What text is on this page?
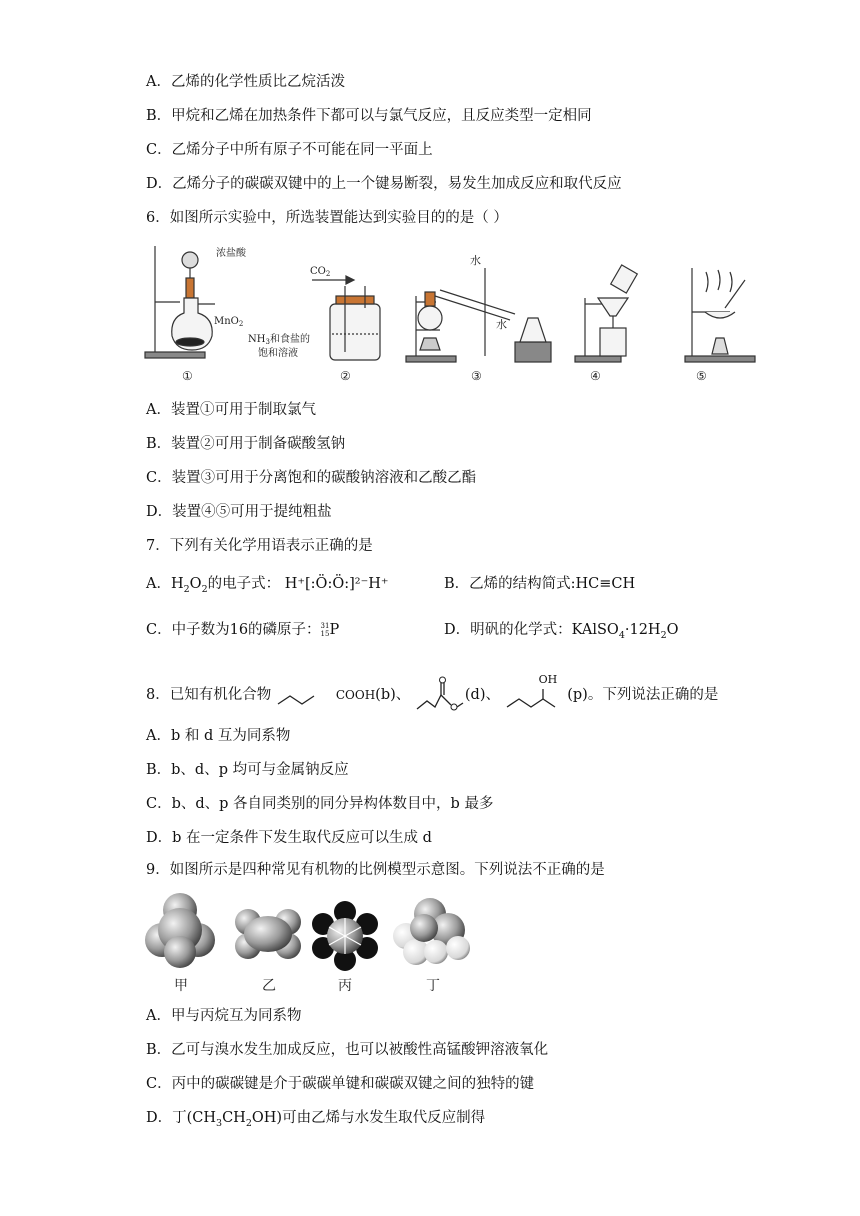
A．乙烯的化学性质比乙烷活泼
B．甲烷和乙烯在加热条件下都可以与氯气反应，且反应类型一定相同
C．乙烯分子中所有原子不可能在同一平面上
D．乙烯分子的碳碳双键中的上一个键易断裂，易发生加成反应和取代反应
6．如图所示实验中，所选装置能达到实验目的的是（ ）
浓盐酸
MnO$_2$
$CO_2$
$NH_3$和食盐的
饱和溶液
水
水
①	②	③	④	⑤
A．装置①可用于制取氯气
B．装置②可用于制备碳酸氢钠
C．装置③可用于分离饱和的碳酸钠溶液和乙酸乙酯
D．装置④⑤可用于提纯粗盐
7．下列有关化学用语表示正确的是
A．$H_2O_2$的电子式： H⁺[:Ö:Ö:]²⁻H⁺	B．乙烯的结构简式:HC≡CH
C．中子数为16的磷原子：31
15P	D．明矾的化学式：$KAlSO_4\cdot 12H_2O$
8．已知有机化合物	COOH(b)、	(d)、 $^{OH}$(p)。下列说法正确的是
A．b 和 d 互为同系物
B．b、d、p 均可与金属钠反应
C．b、d、p 各自同类别的同分异构体数目中，b 最多
D．b 在一定条件下发生取代反应可以生成 d
9．如图所示是四种常见有机物的比例模型示意图。下列说法不正确的是
甲	乙	丙	丁
A．甲与丙烷互为同系物
B．乙可与溴水发生加成反应，也可以被酸性高锰酸钾溶液氧化
C．丙中的碳碳键是介于碳碳单键和碳碳双键之间的独特的键
D．丁$(CH_3CH_2OH)$可由乙烯与水发生取代反应制得
